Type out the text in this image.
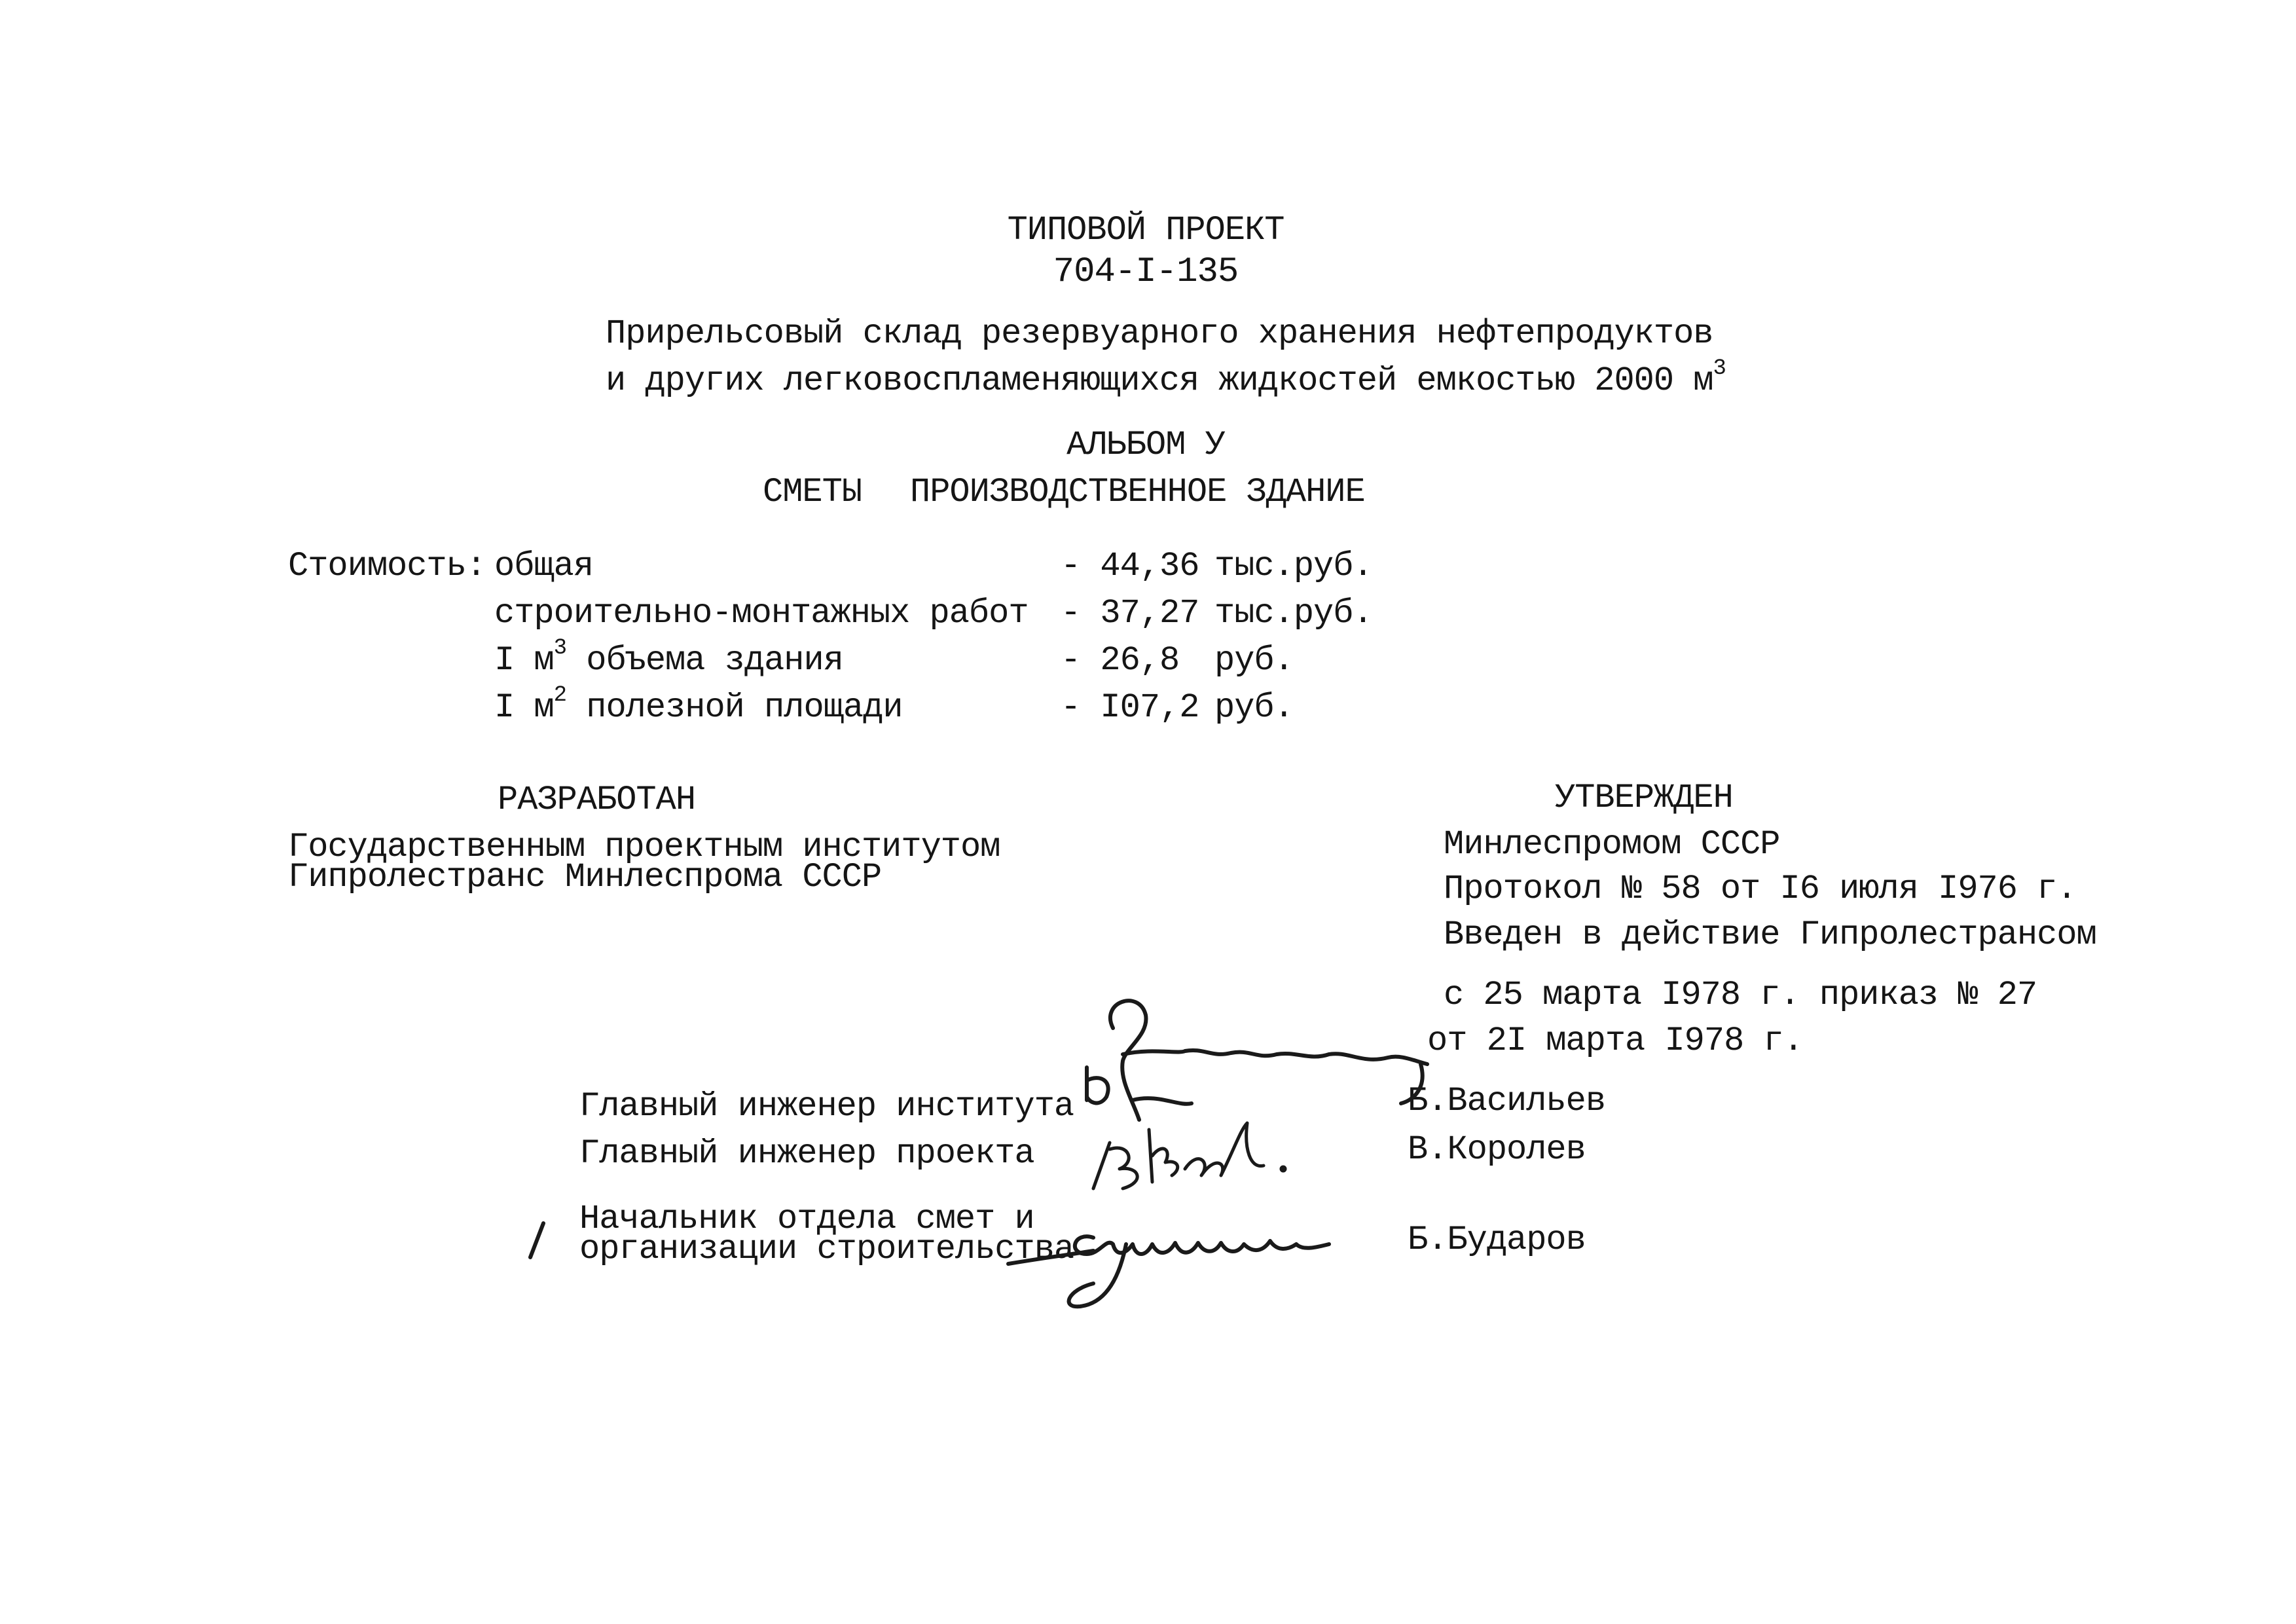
ТИПОВОЙ ПРОЕКТ
704-I-135
Прирельсовый склад резервуарного хранения нефтепродуктов
и других легковоспламеняющихся жидкостей емкостью 2000 $м^3$
АЛЬБОМ У
СМЕТЫ ПРОИЗВОДСТВЕННОЕ ЗДАНИЕ
Стоимость: общая	- 44,36 тыс.руб.
строительно-монтажных работ - 37,27 тыс.руб.
I $м^3$ объема здания	- 26,8 руб.
I $м^2$ полезной площади	- I07,2 руб.
РАЗРАБОТАН
Государственным проектным институтом
Гипролестранс Минлеспрома СССР
УТВЕРЖДЕН
Минлеспромом СССР
Протокол № 58 от I6 июля I976 г.
Введен в действие Гипролестрансом
с 25 марта I978 г. приказ № 27
от 2I марта I978 г.
Главный инженер института	Б.Васильев
Главный инженер проекта	В.Королев
Начальник отдела смет и
организации строительства	Б.Бударов
